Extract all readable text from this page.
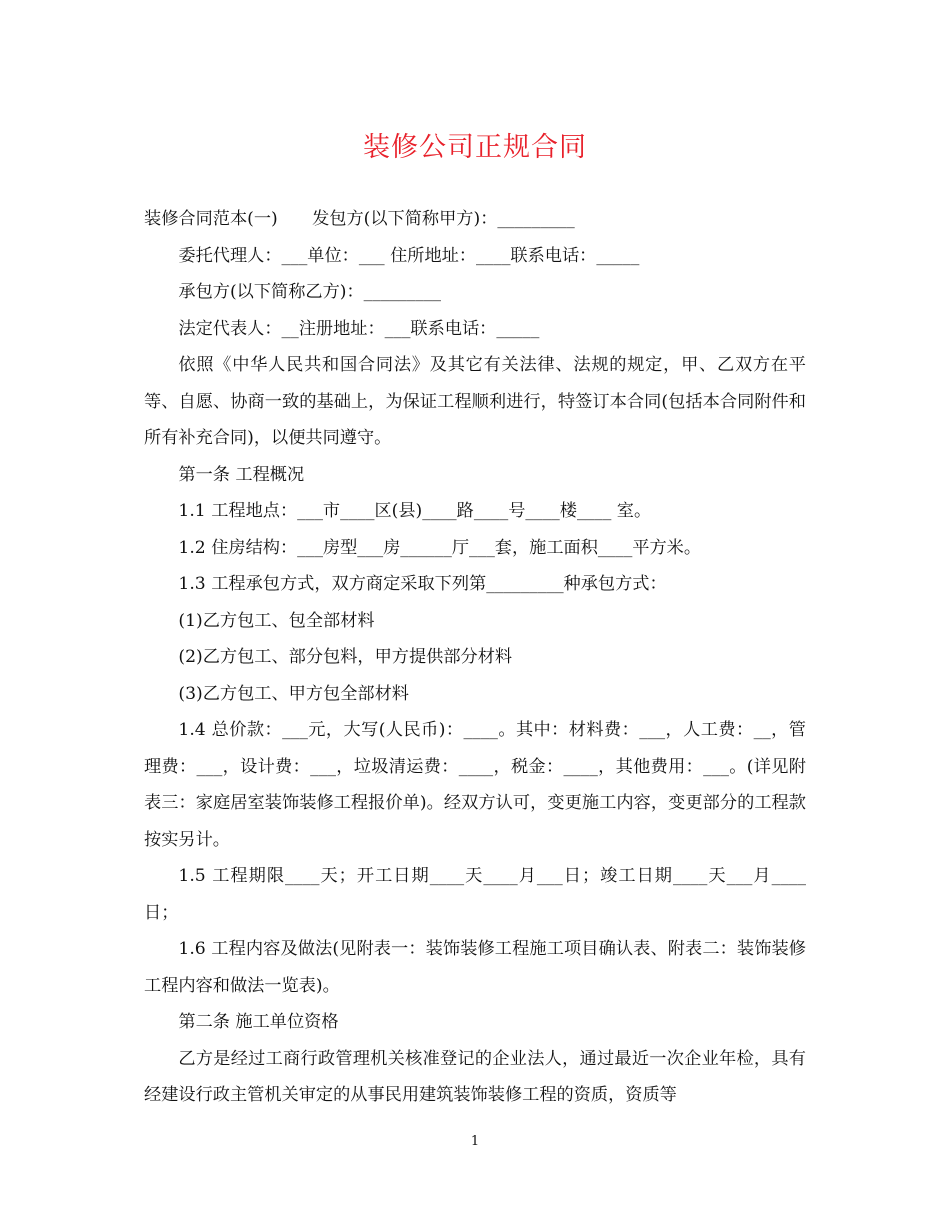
装修公司正规合同

装修合同范本(一)　　发包方(以下简称甲方)：_________

委托代理人：___单位：___ 住所地址：____联系电话：_____

承包方(以下简称乙方)：_________

法定代表人：__注册地址：___联系电话：_____

依照《中华人民共和国合同法》及其它有关法律、法规的规定，甲、乙双方在平等、自愿、协商一致的基础上，为保证工程顺利进行，特签订本合同(包括本合同附件和所有补充合同)，以便共同遵守。

第一条 工程概况

1.1 工程地点：___市____区(县)____路____号____楼____ 室。

1.2 住房结构：___房型___房______厅___套，施工面积____平方米。

1.3 工程承包方式，双方商定采取下列第_________种承包方式：

(1)乙方包工、包全部材料

(2)乙方包工、部分包料，甲方提供部分材料

(3)乙方包工、甲方包全部材料

1.4 总价款：___元，大写(人民币)：____。其中：材料费：___，人工费：__，管理费：___，设计费：___，垃圾清运费：____，税金：____，其他费用：___。(详见附表三：家庭居室装饰装修工程报价单)。经双方认可，变更施工内容，变更部分的工程款按实另计。

1.5 工程期限____天；开工日期____天____月___日；竣工日期____天___月____日；

1.6 工程内容及做法(见附表一：装饰装修工程施工项目确认表、附表二：装饰装修工程内容和做法一览表)。

第二条 施工单位资格

乙方是经过工商行政管理机关核准登记的企业法人，通过最近一次企业年检，具有经建设行政主管机关审定的从事民用建筑装饰装修工程的资质，资质等

1
